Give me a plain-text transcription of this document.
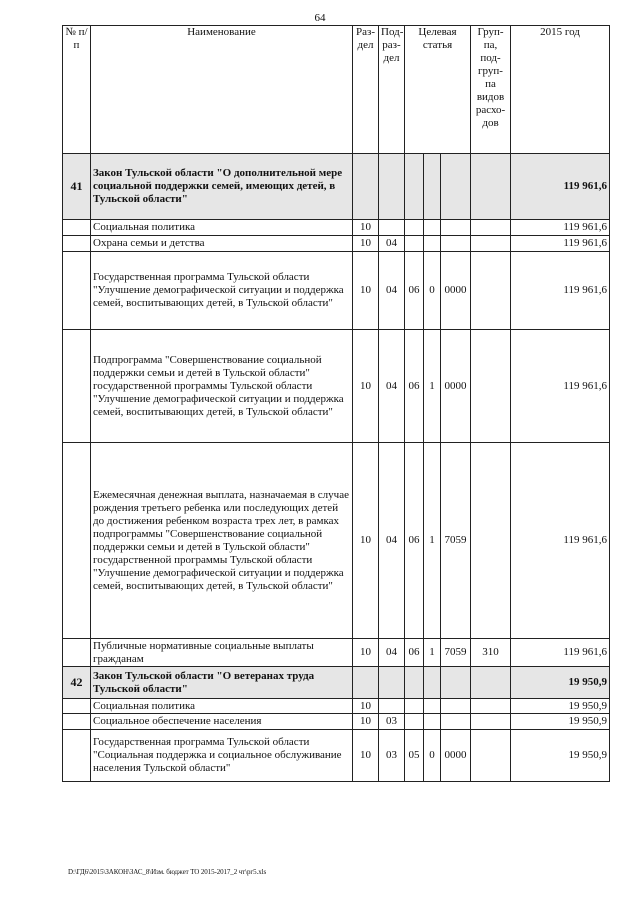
64
№ п/п	Наименование	Раз- дел	Под- раз- дел	Целевая статья			Груп- па, под- груп- па видов расхо- дов	2015 год
41	Закон Тульской области "О дополнительной мере социальной поддержки семей, имеющих детей, в Тульской области"							119 961,6
	Социальная политика	10						119 961,6
	Охрана семьи и детства	10	04					119 961,6
	Государственная программа Тульской области "Улучшение демографической ситуации и поддержка семей, воспитывающих детей, в Тульской области"	10	04	06	0	0000		119 961,6
	Подпрограмма "Совершенствование социальной поддержки семьи и детей в Тульской области" государственной программы Тульской области "Улучшение демографической ситуации и поддержка семей, воспитывающих детей, в Тульской области"	10	04	06	1	0000		119 961,6
	Ежемесячная денежная выплата, назначаемая в случае рождения третьего ребенка или последующих детей до достижения ребенком возраста трех лет, в рамках подпрограммы "Совершенствование социальной поддержки семьи и детей в Тульской области" государственной программы Тульской области "Улучшение демографической ситуации и поддержка семей, воспитывающих детей, в Тульской области"	10	04	06	1	7059		119 961,6
	Публичные нормативные социальные выплаты гражданам	10	04	06	1	7059	310	119 961,6
42	Закон Тульской области "О ветеранах труда Тульской области"							19 950,9
	Социальная политика	10						19 950,9
	Социальное обеспечение населения	10	03					19 950,9
	Государственная программа Тульской области "Социальная поддержка и социальное обслуживание населения Тульской области"	10	03	05	0	0000		19 950,9
D:\ГД6\2015\ЗАКОН\ЗАС_8\Изм. бюджет ТО 2015-2017_2 чт\рг5.xls
